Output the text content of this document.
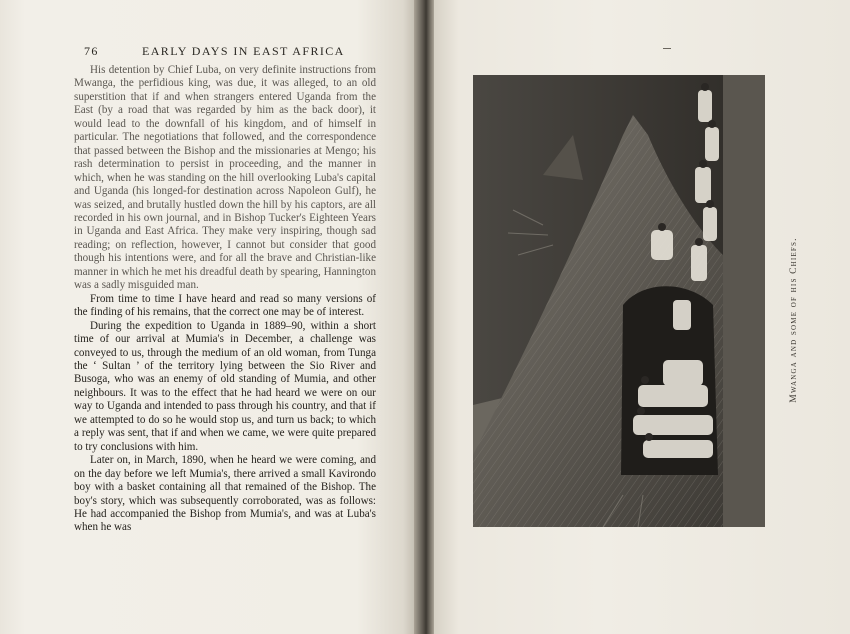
76	EARLY DAYS IN EAST AFRICA

His detention by Chief Luba, on very definite instructions from Mwanga, the perfidious king, was due, it was alleged, to an old superstition that if and when strangers entered Uganda from the East (by a road that was regarded by him as the back door), it would lead to the downfall of his kingdom, and of himself in particular. The negotiations that followed, and the correspondence that passed between the Bishop and the missionaries at Mengo; his rash determination to persist in proceeding, and the manner in which, when he was standing on the hill overlooking Luba's capital and Uganda (his longed-for destination across Napoleon Gulf), he was seized, and brutally hustled down the hill by his captors, are all recorded in his own journal, and in Bishop Tucker's Eighteen Years in Uganda and East Africa. They make very inspiring, though sad reading; on reflection, however, I cannot but consider that good though his intentions were, and for all the brave and Christian-like manner in which he met his dreadful death by spearing, Hannington was a sadly misguided man.

From time to time I have heard and read so many versions of the finding of his remains, that the correct one may be of interest.

During the expedition to Uganda in 1889–90, within a short time of our arrival at Mumia's in December, a challenge was conveyed to us, through the medium of an old woman, from Tunga the ‘ Sultan ’ of the territory lying between the Sio River and Busoga, who was an enemy of old standing of Mumia, and other neighbours. It was to the effect that he had heard we were on our way to Uganda and intended to pass through his country, and that if we attempted to do so he would stop us, and turn us back; to which a reply was sent, that if and when we came, we were quite prepared to try conclusions with him.

Later on, in March, 1890, when he heard we were coming, and on the day before we left Mumia's, there arrived a small Kavirondo boy with a basket containing all that remained of the Bishop. The boy's story, which was subsequently corroborated, was as follows: He had accompanied the Bishop from Mumia's, and was at Luba's when he was

Mwanga and some of his Chiefs.
